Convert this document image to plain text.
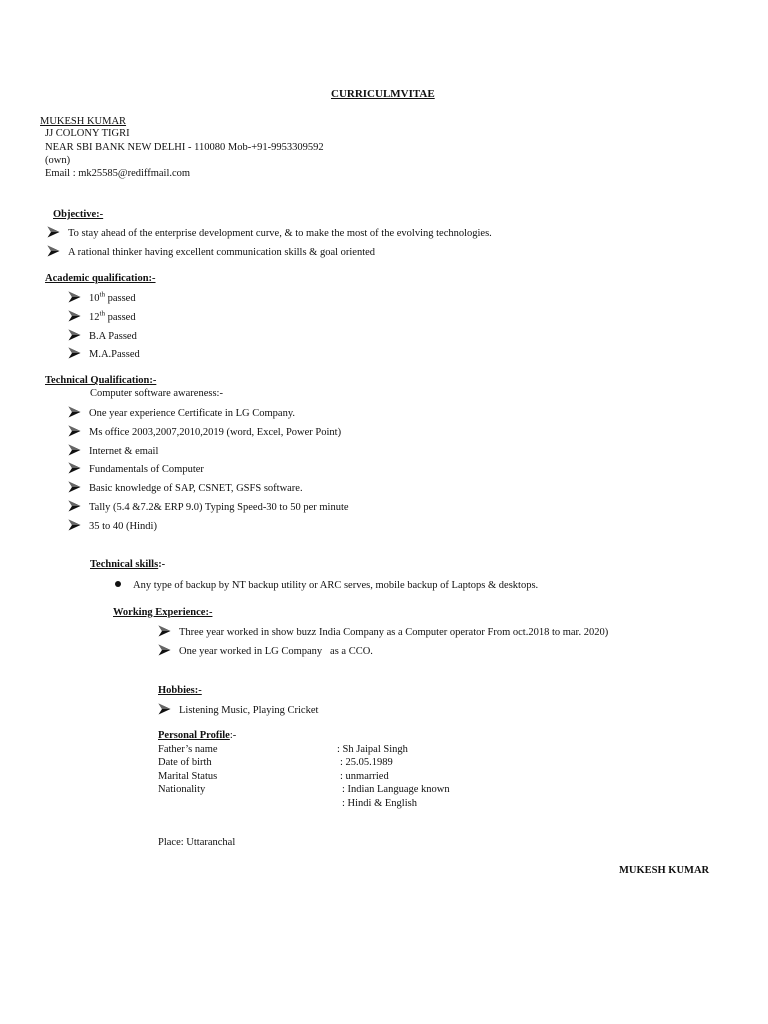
CURRICULMVITAE
MUKESH KUMAR
JJ COLONY TIGRI
NEAR SBI BANK NEW DELHI - 110080 Mob-+91-9953309592
(own)
Email : mk25585@rediffmail.com
Objective:-
To stay ahead of the enterprise development curve, & to make the most of the evolving technologies.
A rational thinker having excellent communication skills & goal oriented
Academic qualification:-
10th passed
12th passed
B.A Passed
M.A.Passed
Technical Qualification:-
Computer software awareness:-
One year experience Certificate in LG Company.
Ms office 2003,2007,2010,2019 (word, Excel, Power Point)
Internet & email
Fundamentals of Computer
Basic knowledge of SAP, CSNET, GSFS software.
Tally (5.4 &7.2& ERP 9.0) Typing Speed-30 to 50 per minute
35 to 40 (Hindi)
Technical skills:-
Any type of backup by NT backup utility or ARC serves, mobile backup of Laptops & desktops.
Working Experience:-
Three year worked in show buzz India Company as a Computer operator From oct.2018 to mar. 2020)
One year worked in LG Company   as a CCO.
Hobbies:-
Listening Music, Playing Cricket
Personal Profile:-
Father’s name	: Sh Jaipal Singh
Date of birth	: 25.05.1989
Marital Status	: unmarried
Nationality	: Indian Language known
: Hindi & English
Place: Uttaranchal
MUKESH KUMAR
